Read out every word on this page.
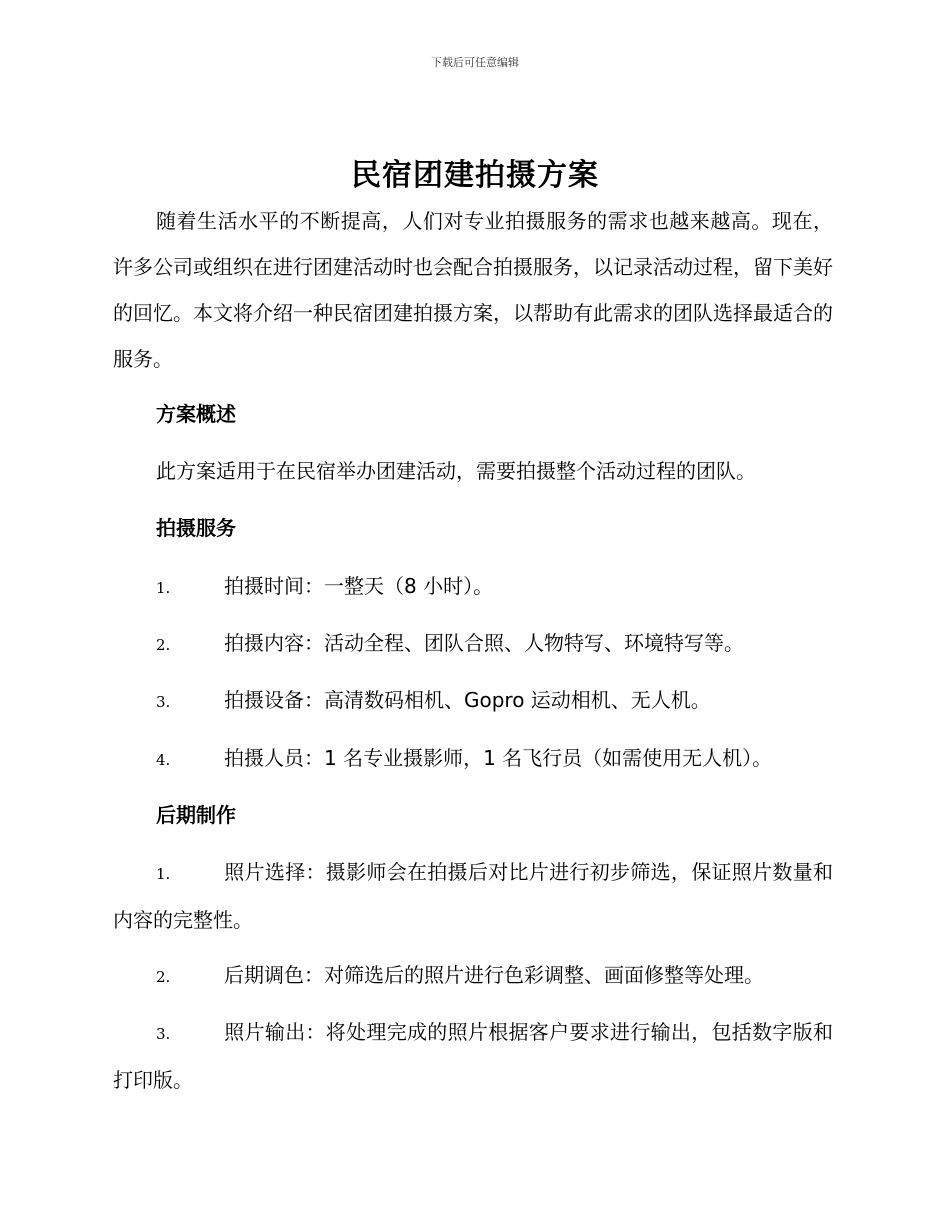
下载后可任意编辑
民宿团建拍摄方案
随着生活水平的不断提高，人们对专业拍摄服务的需求也越来越高。现在，许多公司或组织在进行团建活动时也会配合拍摄服务，以记录活动过程，留下美好的回忆。本文将介绍一种民宿团建拍摄方案，以帮助有此需求的团队选择最适合的服务。
方案概述
此方案适用于在民宿举办团建活动，需要拍摄整个活动过程的团队。
拍摄服务
1.	拍摄时间：一整天（8 小时）。
2.	拍摄内容：活动全程、团队合照、人物特写、环境特写等。
3.	拍摄设备：高清数码相机、Gopro 运动相机、无人机。
4.	拍摄人员：1 名专业摄影师，1 名飞行员（如需使用无人机）。
后期制作
1.	照片选择：摄影师会在拍摄后对比片进行初步筛选，保证照片数量和内容的完整性。
2.	后期调色：对筛选后的照片进行色彩调整、画面修整等处理。
3.	照片输出：将处理完成的照片根据客户要求进行输出，包括数字版和打印版。
